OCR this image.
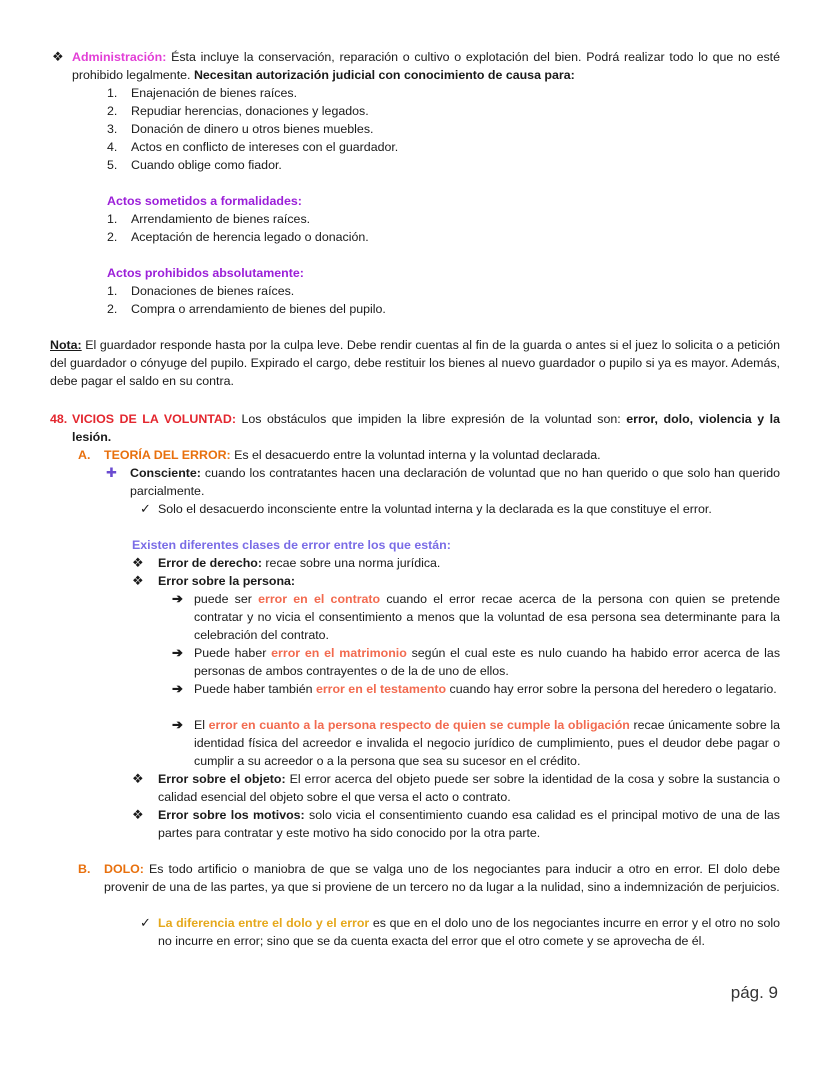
❖ Administración: Ésta incluye la conservación, reparación o cultivo o explotación del bien. Podrá realizar todo lo que no esté prohibido legalmente. Necesitan autorización judicial con conocimiento de causa para:
1. Enajenación de bienes raíces.
2. Repudiar herencias, donaciones y legados.
3. Donación de dinero u otros bienes muebles.
4. Actos en conflicto de intereses con el guardador.
5. Cuando oblige como fiador.
Actos sometidos a formalidades:
1. Arrendamiento de bienes raíces.
2. Aceptación de herencia legado o donación.
Actos prohibidos absolutamente:
1. Donaciones de bienes raíces.
2. Compra o arrendamiento de bienes del pupilo.
Nota: El guardador responde hasta por la culpa leve. Debe rendir cuentas al fin de la guarda o antes si el juez lo solicita o a petición del guardador o cónyuge del pupilo. Expirado el cargo, debe restituir los bienes al nuevo guardador o pupilo si ya es mayor. Además, debe pagar el saldo en su contra.
48. VICIOS DE LA VOLUNTAD: Los obstáculos que impiden la libre expresión de la voluntad son: error, dolo, violencia y la lesión.
A. TEORÍA DEL ERROR: Es el desacuerdo entre la voluntad interna y la voluntad declarada.
✚ Consciente: cuando los contratantes hacen una declaración de voluntad que no han querido o que solo han querido parcialmente.
✓ Solo el desacuerdo inconsciente entre la voluntad interna y la declarada es la que constituye el error.
Existen diferentes clases de error entre los que están:
❖ Error de derecho: recae sobre una norma jurídica.
❖ Error sobre la persona:
➔ puede ser error en el contrato cuando el error recae acerca de la persona con quien se pretende contratar y no vicia el consentimiento a menos que la voluntad de esa persona sea determinante para la celebración del contrato.
➔ Puede haber error en el matrimonio según el cual este es nulo cuando ha habido error acerca de las personas de ambos contrayentes o de la de uno de ellos.
➔ Puede haber también error en el testamento cuando hay error sobre la persona del heredero o legatario.
➔ El error en cuanto a la persona respecto de quien se cumple la obligación recae únicamente sobre la identidad física del acreedor e invalida el negocio jurídico de cumplimiento, pues el deudor debe pagar o cumplir a su acreedor o a la persona que sea su sucesor en el crédito.
❖ Error sobre el objeto: El error acerca del objeto puede ser sobre la identidad de la cosa y sobre la sustancia o calidad esencial del objeto sobre el que versa el acto o contrato.
❖ Error sobre los motivos: solo vicia el consentimiento cuando esa calidad es el principal motivo de una de las partes para contratar y este motivo ha sido conocido por la otra parte.
B. DOLO: Es todo artificio o maniobra de que se valga uno de los negociantes para inducir a otro en error. El dolo debe provenir de una de las partes, ya que si proviene de un tercero no da lugar a la nulidad, sino a indemnización de perjuicios.
✓ La diferencia entre el dolo y el error es que en el dolo uno de los negociantes incurre en error y el otro no solo no incurre en error; sino que se da cuenta exacta del error que el otro comete y se aprovecha de él.
pág. 9
